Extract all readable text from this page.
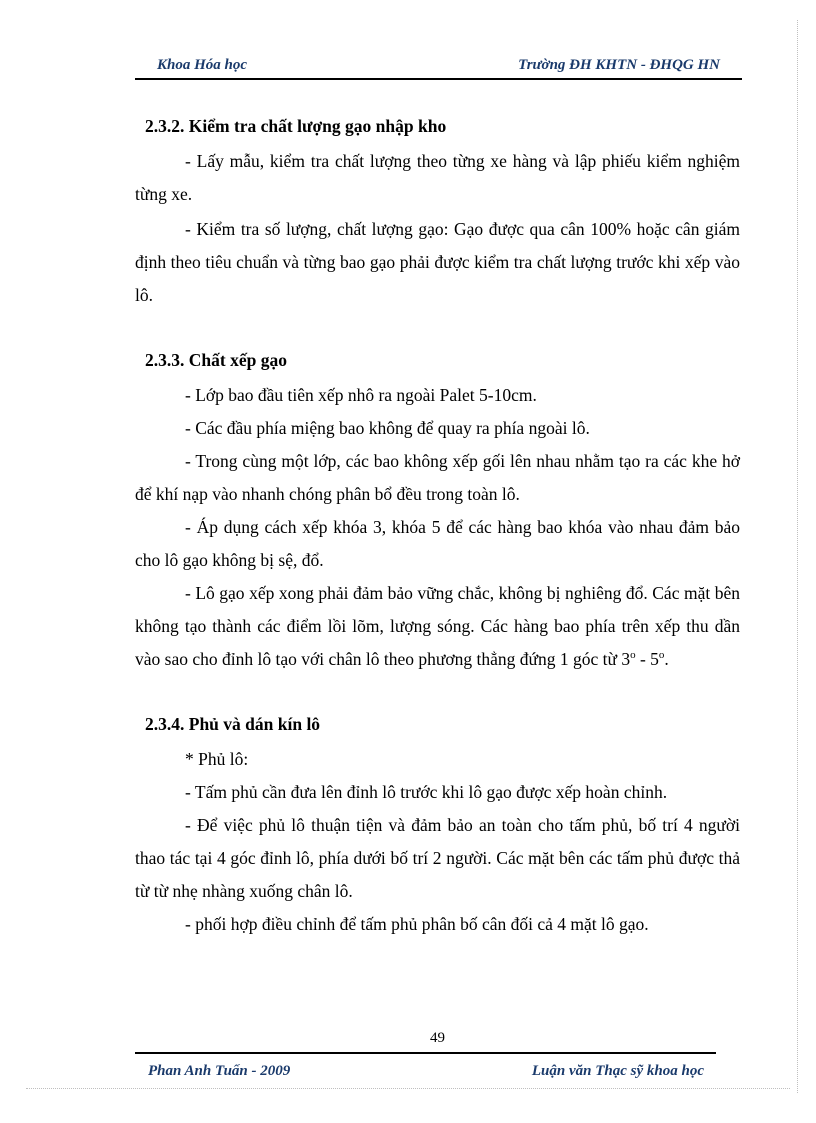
Khoa Hóa học	Trường ĐH KHTN - ĐHQG HN

2.3.2. Kiểm tra chất lượng gạo nhập kho

- Lấy mẫu, kiểm tra chất lượng theo từng xe hàng và lập phiếu kiểm nghiệm từng xe.

- Kiểm tra số lượng, chất lượng gạo: Gạo được qua cân 100% hoặc cân giám định theo tiêu chuẩn và từng bao gạo phải được kiểm tra chất lượng trước khi xếp vào lô.

2.3.3. Chất xếp gạo

- Lớp bao đầu tiên xếp nhô ra ngoài Palet 5-10cm.

- Các đầu phía miệng bao không để quay ra phía ngoài lô.

- Trong cùng một lớp, các bao không xếp gối lên nhau nhằm tạo ra các khe hở để khí nạp vào nhanh chóng phân bổ đều trong toàn lô.

- Áp dụng cách xếp khóa 3, khóa 5 để các hàng bao khóa vào nhau đảm bảo cho lô gạo không bị sệ, đổ.

- Lô gạo xếp xong phải đảm bảo vững chắc, không bị nghiêng đổ. Các mặt bên không tạo thành các điểm lồi lõm, lượng sóng. Các hàng bao phía trên xếp thu dần vào sao cho đỉnh lô tạo với chân lô theo phương thẳng đứng 1 góc từ 3$^o$ - 5$^o$.

2.3.4. Phủ và dán kín lô

* Phủ lô:

- Tấm phủ cần đưa lên đỉnh lô trước khi lô gạo được xếp hoàn chỉnh.

- Để việc phủ lô thuận tiện và đảm bảo an toàn cho tấm phủ, bố trí 4 người thao tác tại 4 góc đỉnh lô, phía dưới bố trí 2 người. Các mặt bên các tấm phủ được thả từ từ nhẹ nhàng xuống chân lô.

- phối hợp điều chỉnh để tấm phủ phân bố cân đối cả 4 mặt lô gạo.

49
Phan Anh Tuấn - 2009	Luận văn Thạc sỹ khoa học
